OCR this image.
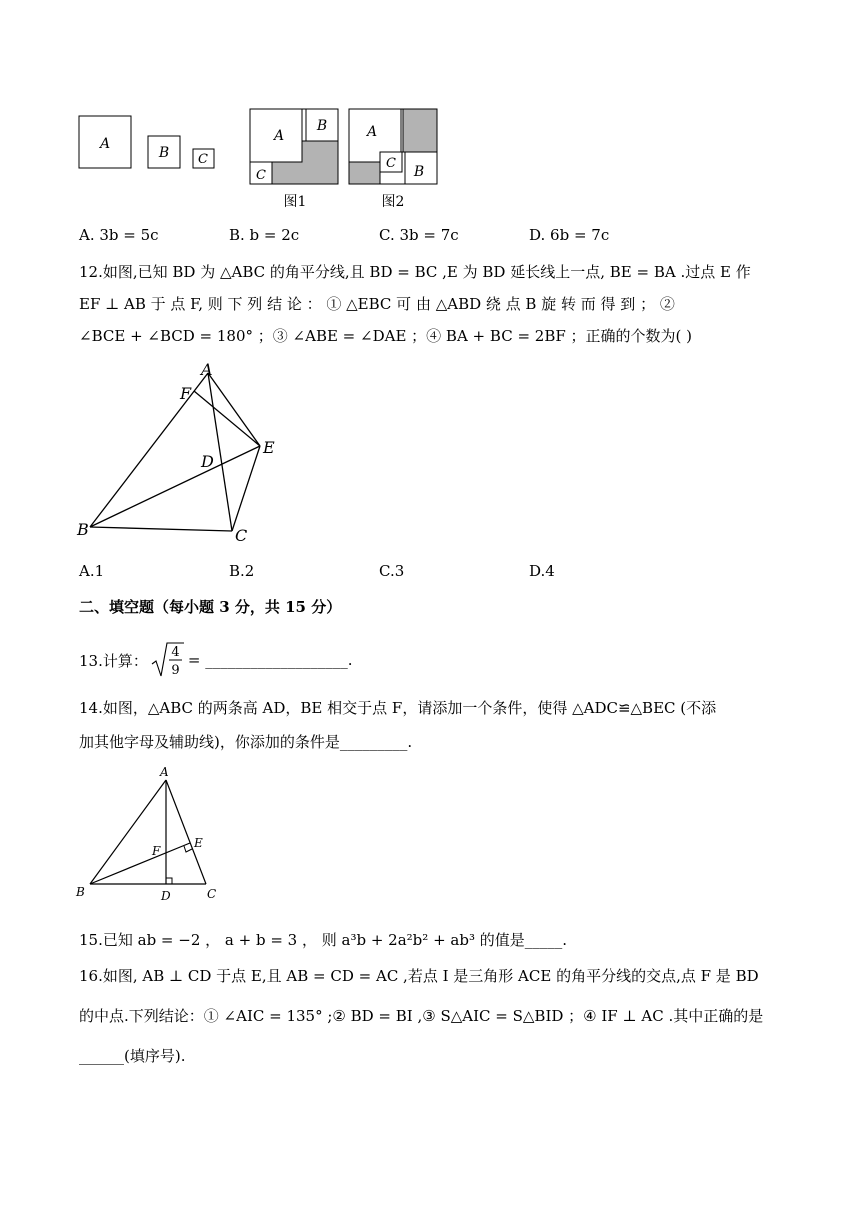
A
B C
A
B
C
图1
A
C
B
图2
A. 3b = 5c	B. b = 2c	C. 3b = 7c	D. 6b = 7c
12.如图,已知 BD 为 △ABC 的角平分线,且 BD = BC ,E 为 BD 延长线上一点, BE = BA .过点 E 作
EF ⊥ AB 于 点 F, 则 下 列 结 论 ： ① △EBC 可 由 △ABD 绕 点 B 旋 转 而 得 到 ； ②
∠BCE + ∠BCD = 180° ；③ ∠ABE = ∠DAE ；④ BA + BC = 2BF ；正确的个数为( )
A
F
E
D
B	C
A.1	B.2	C.3	D.4
二、填空题（每小题 3 分，共 15 分）
13.计算： 4
9
= ___________________.
14.如图，△ABC 的两条高 AD，BE 相交于点 F，请添加一个条件，使得 △ADC≌△BEC (不添
加其他字母及辅助线)，你添加的条件是_________.
A
B	C
D
E
F
15.已知 ab = −2 ， a + b = 3 ， 则 a³b + 2a²b² + ab³ 的值是_____.
16.如图, AB ⊥ CD 于点 E,且 AB = CD = AC ,若点 I 是三角形 ACE 的角平分线的交点,点 F 是 BD
的中点.下列结论：① ∠AIC = 135° ;② BD = BI ,③ S△AIC = S△BID ；④ IF ⊥ AC .其中正确的是
______(填序号).
